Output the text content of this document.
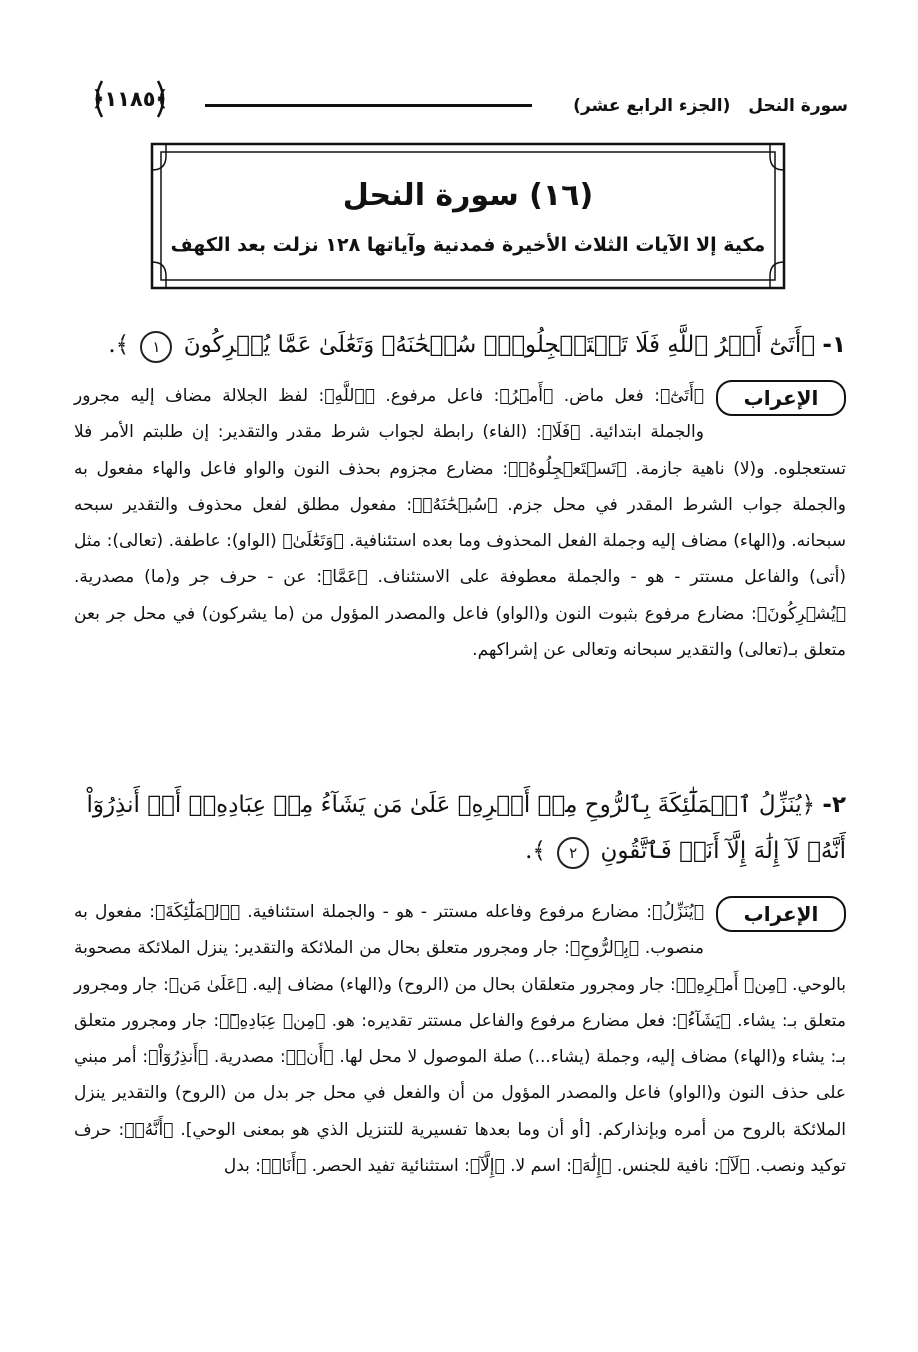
سورة النحل (الجزء الرابع عشر)
﴿١١٨٥﴾
(١٦) سورة النحل
مكية إلا الآيات الثلاث الأخيرة فمدنية وآياتها ١٢٨ نزلت بعد الكهف
١- ﴿أَتَىٰٓ أَمۡرُ ٱللَّهِ فَلَا تَسۡتَعۡجِلُوهُۚ سُبۡحَٰنَهُۥ وَتَعَٰلَىٰ عَمَّا يُشۡرِكُونَ ١ ﴾.
الإعراب

﴿أَتَىٰٓ﴾: فعل ماض. ﴿أَمۡرُ﴾: فاعل مرفوع. ﴿ٱللَّهِ﴾: لفظ الجلالة مضاف إليه مجرور والجملة ابتدائية. ﴿فَلَا﴾: (الفاء) رابطة لجواب شرط مقدر والتقدير: إن طلبتم الأمر فلا تستعجلوه. و(لا) ناهية جازمة. ﴿تَسۡتَعۡجِلُوهُۚ﴾: مضارع مجزوم بحذف النون والواو فاعل والهاء مفعول به والجملة جواب الشرط المقدر في محل جزم. ﴿سُبۡحَٰنَهُۥ﴾: مفعول مطلق لفعل محذوف والتقدير سبحه سبحانه. و(الهاء) مضاف إليه وجملة الفعل المحذوف وما بعده استئنافية. ﴿وَتَعَٰلَىٰ﴾ (الواو): عاطفة. (تعالى): مثل (أتى) والفاعل مستتر - هو - والجملة معطوفة على الاستئناف. ﴿عَمَّا﴾: عن - حرف جر و(ما) مصدرية. ﴿يُشۡرِكُونَ﴾: مضارع مرفوع بثبوت النون و(الواو) فاعل والمصدر المؤول من (ما يشركون) في محل جر بعن متعلق بـ(تعالى) والتقدير سبحانه وتعالى عن إشراكهم.

٢- ﴿يُنَزِّلُ ٱلۡمَلَٰٓئِكَةَ بِٱلرُّوحِ مِنۡ أَمۡرِهِۦ عَلَىٰ مَن يَشَآءُ مِنۡ عِبَادِهِۦٓ أَنۡ أَنذِرُوٓاْ أَنَّهُۥ لَآ إِلَٰهَ إِلَّآ أَنَا۠ فَٱتَّقُونِ ٢ ﴾.
الإعراب

﴿يُنَزِّلُ﴾: مضارع مرفوع وفاعله مستتر - هو - والجملة استئنافية. ﴿ٱلۡمَلَٰٓئِكَةَ﴾: مفعول به منصوب. ﴿بِٱلرُّوحِ﴾: جار ومجرور متعلق بحال من الملائكة والتقدير: ينزل الملائكة مصحوبة بالوحي. ﴿مِنۡ أَمۡرِهِۦ﴾: جار ومجرور متعلقان بحال من (الروح) و(الهاء) مضاف إليه. ﴿عَلَىٰ مَن﴾: جار ومجرور متعلق بـ: يشاء. ﴿يَشَآءُ﴾: فعل مضارع مرفوع والفاعل مستتر تقديره: هو. ﴿مِنۡ عِبَادِهِۦٓ﴾: جار ومجرور متعلق بـ: يشاء و(الهاء) مضاف إليه، وجملة (يشاء...) صلة الموصول لا محل لها. ﴿أَنۡ﴾: مصدرية. ﴿أَنذِرُوٓاْ﴾: أمر مبني على حذف النون و(الواو) فاعل والمصدر المؤول من أن والفعل في محل جر بدل من (الروح) والتقدير ينزل الملائكة بالروح من أمره وبإنذاركم. [أو أن وما بعدها تفسيرية للتنزيل الذي هو بمعنى الوحي]. ﴿أَنَّهُۥ﴾: حرف توكيد ونصب. ﴿لَآ﴾: نافية للجنس. ﴿إِلَٰهَ﴾: اسم لا. ﴿إِلَّآ﴾: استثنائية تفيد الحصر. ﴿أَنَا۠﴾: بدل
